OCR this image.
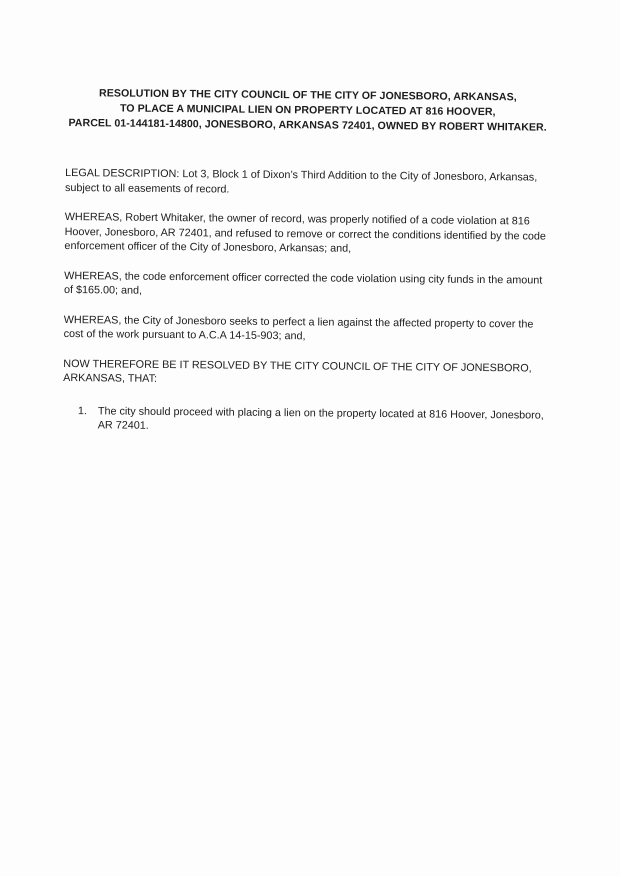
RESOLUTION BY THE CITY COUNCIL OF THE CITY OF JONESBORO, ARKANSAS,
TO PLACE A MUNICIPAL LIEN ON PROPERTY LOCATED AT 816 HOOVER,
PARCEL 01-144181-14800, JONESBORO, ARKANSAS 72401, OWNED BY ROBERT WHITAKER.

LEGAL DESCRIPTION: Lot 3, Block 1 of Dixon’s Third Addition to the City of Jonesboro, Arkansas, subject to all easements of record.

WHEREAS, Robert Whitaker, the owner of record, was properly notified of a code violation at 816 Hoover, Jonesboro, AR 72401, and refused to remove or correct the conditions identified by the code enforcement officer of the City of Jonesboro, Arkansas; and,

WHEREAS, the code enforcement officer corrected the code violation using city funds in the amount of $165.00; and,

WHEREAS, the City of Jonesboro seeks to perfect a lien against the affected property to cover the cost of the work pursuant to A.C.A 14-15-903; and,

NOW THEREFORE BE IT RESOLVED BY THE CITY COUNCIL OF THE CITY OF JONESBORO, ARKANSAS, THAT:

1.	The city should proceed with placing a lien on the property located at 816 Hoover, Jonesboro, AR 72401.
